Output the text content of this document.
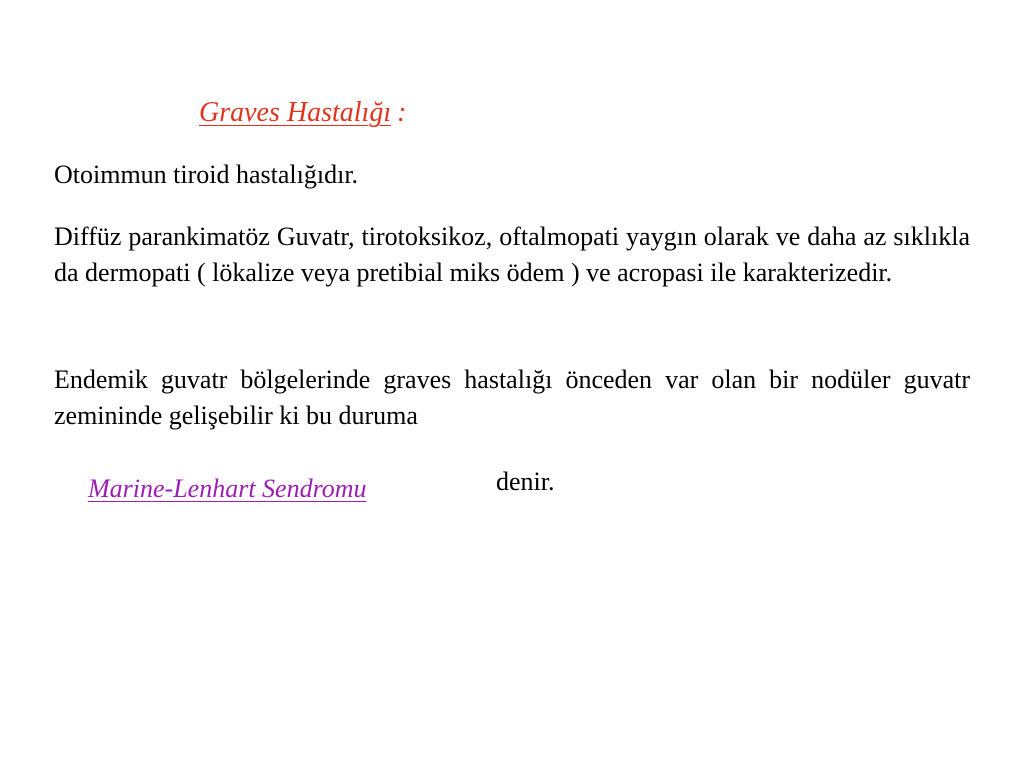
Graves Hastalığı :
Otoimmun tiroid hastalığıdır.
Diffüz parankimatöz Guvatr, tirotoksikoz, oftalmopati yaygın olarak ve daha az sıklıkla da dermopati ( lökalize veya pretibial miks ödem ) ve acropasi ile karakterizedir.
Endemik guvatr bölgelerinde graves hastalığı önceden var olan bir nodüler guvatr zemininde gelişebilir ki bu duruma
Marine-Lenhart Sendromu	denir.
